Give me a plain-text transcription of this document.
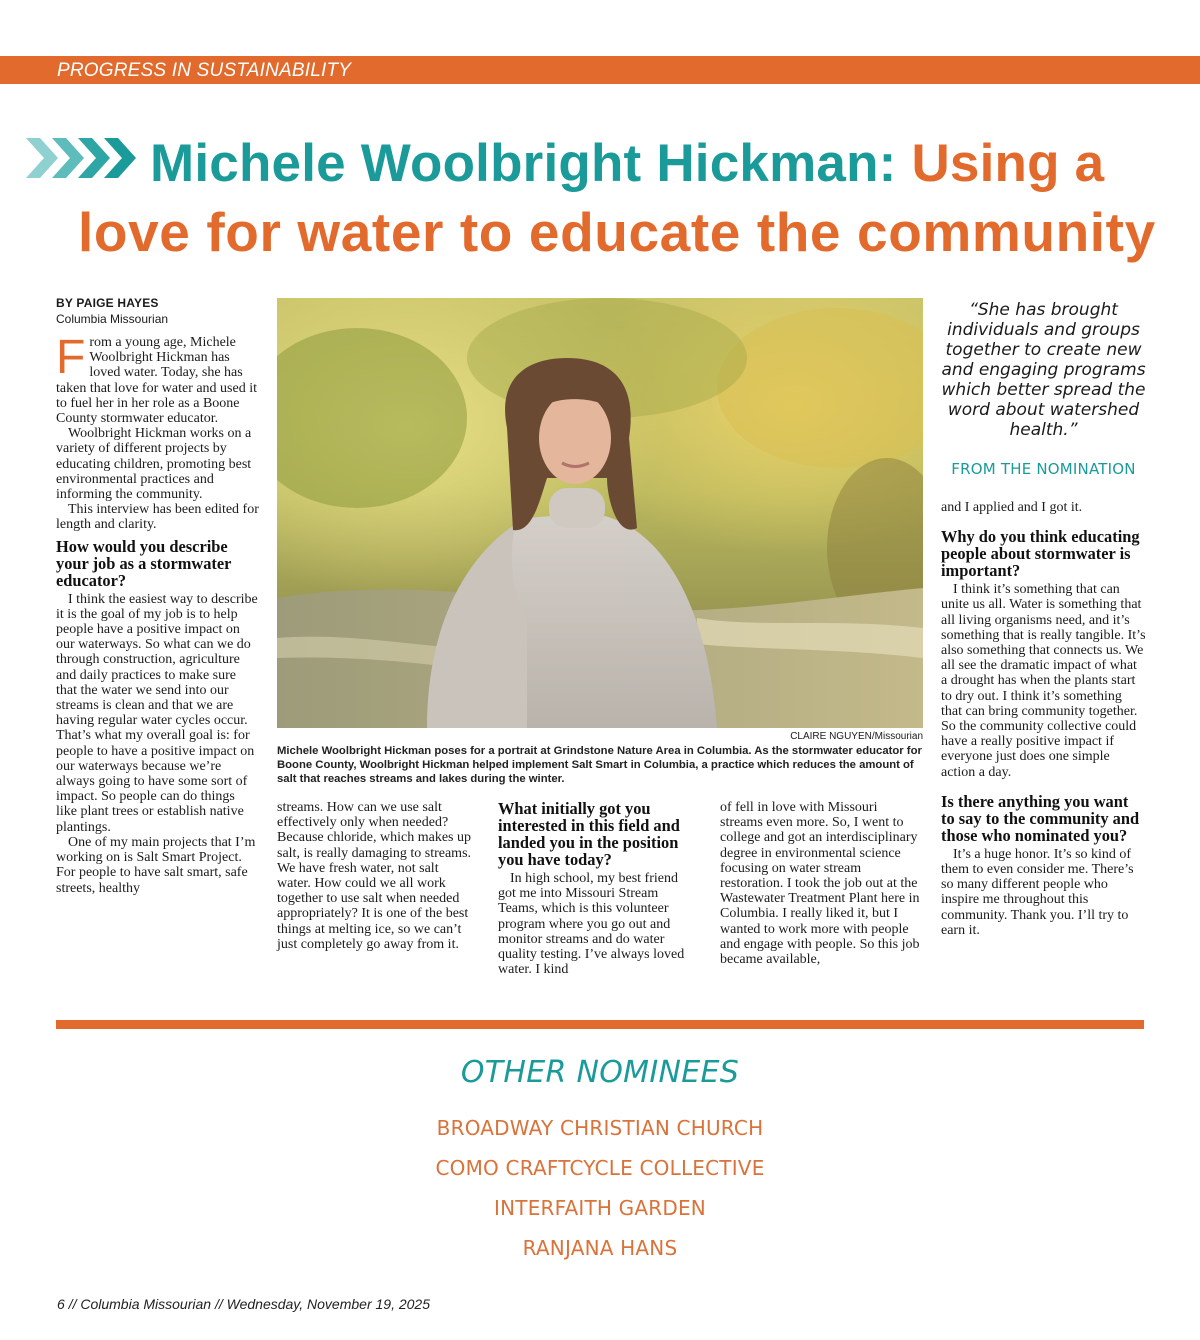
PROGRESS IN SUSTAINABILITY
Michele Woolbright Hickman: Using a
love for water to educate the community
BY PAIGE HAYES
Columbia Missourian

From a young age, Michele Woolbright Hickman has loved water. Today, she has taken that love for water and used it to fuel her in her role as a Boone County stormwater educator.

Woolbright Hickman works on a variety of different projects by educating children, promoting best environmental practices and informing the community.

This interview has been edited for length and clarity.

How would you describe your job as a stormwater educator?

I think the easiest way to describe it is the goal of my job is to help people have a positive impact on our waterways. So what can we do through construction, agriculture and daily practices to make sure that the water we send into our streams is clean and that we are having regular water cycles occur. That’s what my overall goal is: for people to have a positive impact on our waterways because we’re always going to have some sort of impact. So people can do things like plant trees or establish native plantings.

One of my main projects that I’m working on is Salt Smart Project. For people to have salt smart, safe streets, healthy

CLAIRE NGUYEN/Missourian
Michele Woolbright Hickman poses for a portrait at Grindstone Nature Area in Columbia. As the stormwater educator for Boone County, Woolbright Hickman helped implement Salt Smart in Columbia, a practice which reduces the amount of salt that reaches streams and lakes during the winter.

streams. How can we use salt effectively only when needed? Because chloride, which makes up salt, is really damaging to streams. We have fresh water, not salt water. How could we all work together to use salt when needed appropriately? It is one of the best things at melting ice, so we can’t just completely go away from it.

What initially got you interested in this field and landed you in the position you have today?

In high school, my best friend got me into Missouri Stream Teams, which is this volunteer program where you go out and monitor streams and do water quality testing. I’ve always loved water. I kind

of fell in love with Missouri streams even more. So, I went to college and got an interdisciplinary degree in environmental science focusing on water stream restoration. I took the job out at the Wastewater Treatment Plant here in Columbia. I really liked it, but I wanted to work more with people and engage with people. So this job became available,

“She has brought individuals and groups together to create new and engaging programs which better spread the word about watershed health.”
FROM THE NOMINATION

and I applied and I got it.

Why do you think educating people about stormwater is important?

I think it’s something that can unite us all. Water is something that all living organisms need, and it’s something that is really tangible. It’s also something that connects us. We all see the dramatic impact of what a drought has when the plants start to dry out. I think it’s something that can bring community together. So the community collective could have a really positive impact if everyone just does one simple action a day.

Is there anything you want to say to the community and those who nominated you?

It’s a huge honor. It’s so kind of them to even consider me. There’s so many different people who inspire me throughout this community. Thank you. I’ll try to earn it.

OTHER NOMINEES
BROADWAY CHRISTIAN CHURCH
COMO CRAFTCYCLE COLLECTIVE
INTERFAITH GARDEN
RANJANA HANS
6 // Columbia Missourian // Wednesday, November 19, 2025
